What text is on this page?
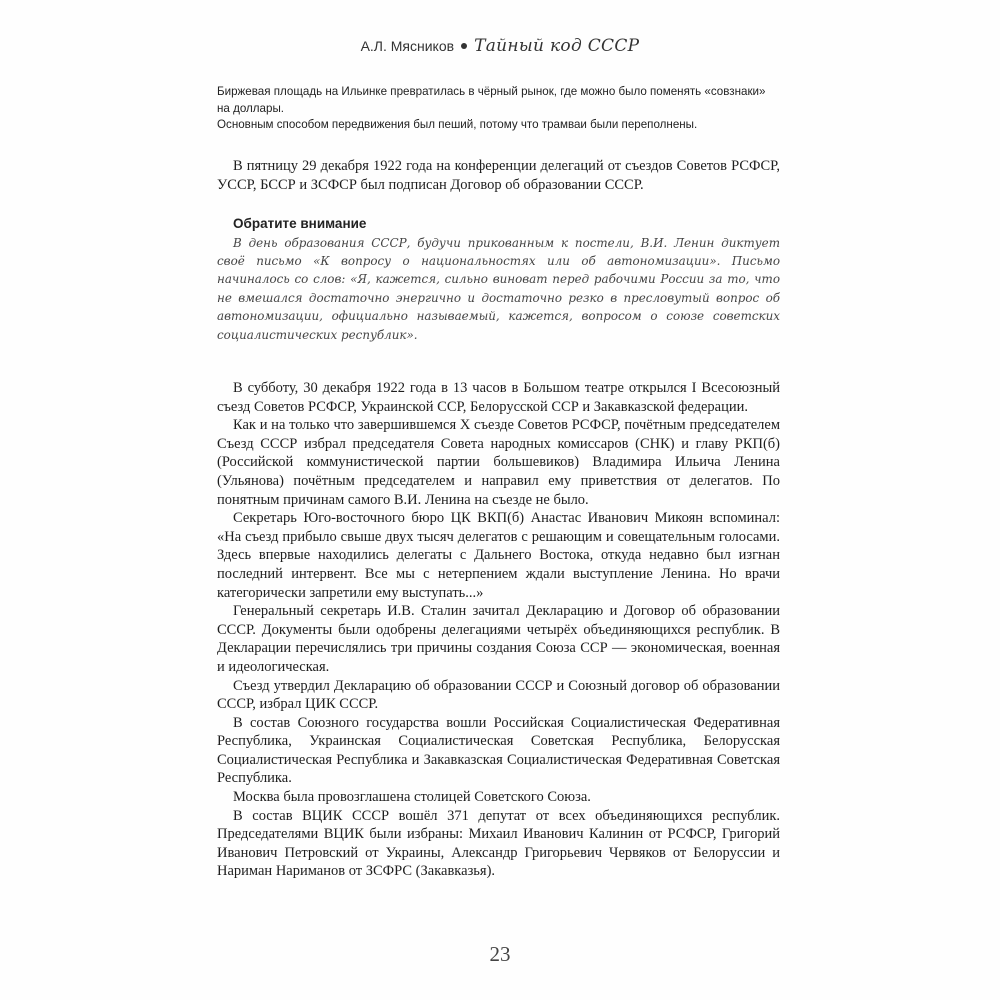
А.Л. Мясников Тайный код СССР

Биржевая площадь на Ильинке превратилась в чёрный рынок, где можно было поменять «совзнаки» на доллары.

Основным способом передвижения был пеший, потому что трамваи были переполнены.

В пятницу 29 декабря 1922 года на конференции делегаций от съездов Советов РСФСР, УССР, БССР и ЗСФСР был подписан Договор об образовании СССР.

Обратите внимание

В день образования СССР, будучи прикованным к постели, В.И. Ленин диктует своё письмо «К вопросу о национальностях или об автономизации». Письмо начиналось со слов: «Я, кажется, сильно виноват перед рабочими России за то, что не вмешался достаточно энергично и достаточно резко в пресловутый вопрос об автономизации, официально называемый, кажется, вопросом о союзе советских социалистических республик».

В субботу, 30 декабря 1922 года в 13 часов в Большом театре открылся I Всесоюзный съезд Советов РСФСР, Украинской ССР, Белорусской ССР и Закавказской федерации.

Как и на только что завершившемся X съезде Советов РСФСР, почётным председателем Съезд СССР избрал председателя Совета народных комиссаров (СНК) и главу РКП(б) (Российской коммунистической партии большевиков) Владимира Ильича Ленина (Ульянова) почётным председателем и направил ему приветствия от делегатов. По понятным причинам самого В.И. Ленина на съезде не было.

Секретарь Юго-восточного бюро ЦК ВКП(б) Анастас Иванович Микоян вспоминал: «На съезд прибыло свыше двух тысяч делегатов с решающим и совещательным голосами. Здесь впервые находились делегаты с Дальнего Востока, откуда недавно был изгнан последний интервент. Все мы с нетерпением ждали выступление Ленина. Но врачи категорически запретили ему выступать...»

Генеральный секретарь И.В. Сталин зачитал Декларацию и Договор об образовании СССР. Документы были одобрены делегациями четырёх объединяющихся республик. В Декларации перечислялись три причины создания Союза ССР — экономическая, военная и идеологическая.

Съезд утвердил Декларацию об образовании СССР и Союзный договор об образовании СССР, избрал ЦИК СССР.

В состав Союзного государства вошли Российская Социалистическая Федеративная Республика, Украинская Социалистическая Советская Республика, Белорусская Социалистическая Республика и Закавказская Социалистическая Федеративная Советская Республика.

Москва была провозглашена столицей Советского Союза.

В состав ВЦИК СССР вошёл 371 депутат от всех объединяющихся республик. Председателями ВЦИК были избраны: Михаил Иванович Калинин от РСФСР, Григорий Иванович Петровский от Украины, Александр Григорьевич Червяков от Белоруссии и Нариман Нариманов от ЗСФРС (Закавказья).

23
